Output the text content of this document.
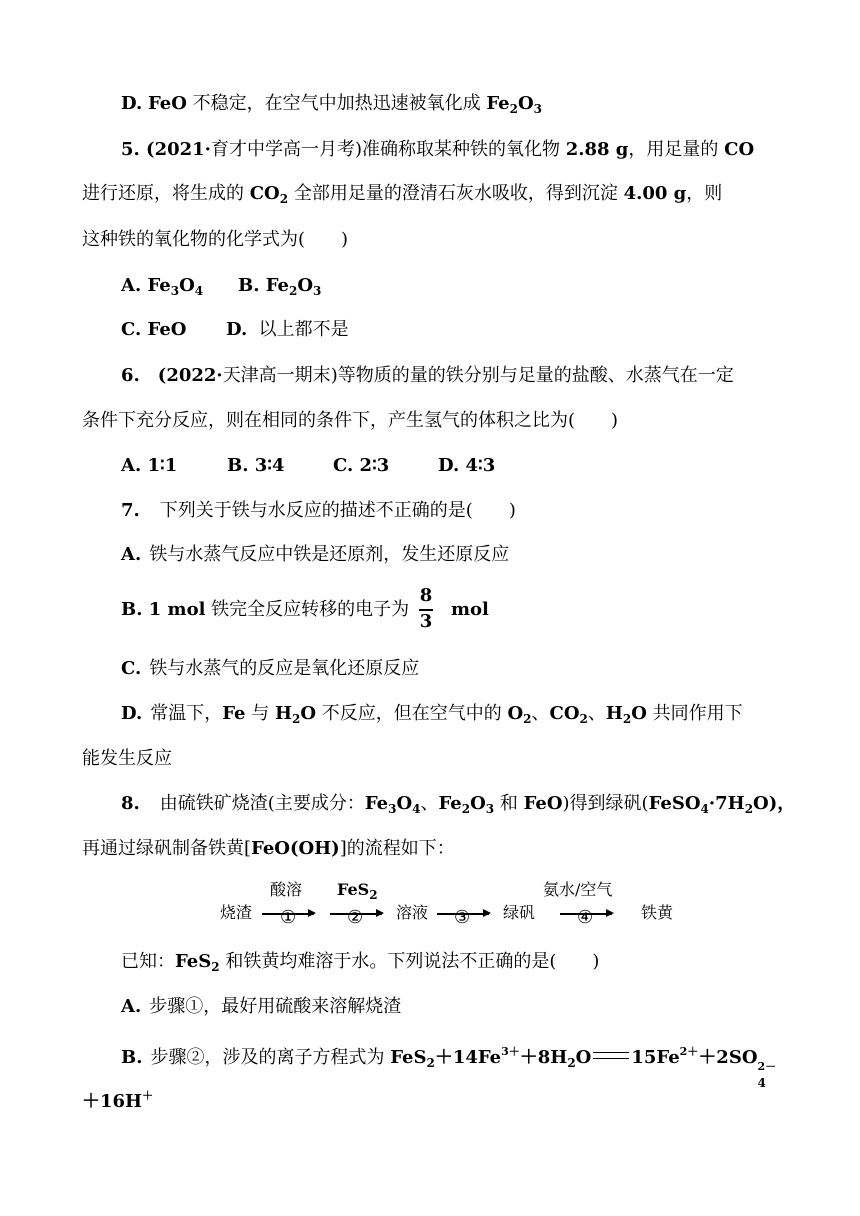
D. FeO 不稳定，在空气中加热迅速被氧化成 $Fe_2O_3$
5. (2021·育才中学高一月考)准确称取某种铁的氧化物 2.88 g，用足量的 CO
进行还原，将生成的 $CO_2$ 全部用足量的澄清石灰水吸收，得到沉淀 4.00 g，则
这种铁的氧化物的化学式为(　　)
A. $Fe_3O_4$ B. $Fe_2O_3$
C. FeO D.  以上都不是
6. (2022·天津高一期末)等物质的量的铁分别与足量的盐酸、水蒸气在一定
条件下充分反应，则在相同的条件下，产生氢气的体积之比为(　　)
A. 1∶1	B. 3∶4	C. 2∶3	D. 4∶3
7. 下列关于铁与水反应的描述不正确的是(　　)
A. 铁与水蒸气反应中铁是还原剂，发生还原反应
B. 1 mol 铁完全反应转移的电子为
8
3
mol
C. 铁与水蒸气的反应是氧化还原反应
D. 常温下，Fe 与 $H_2O$ 不反应，但在空气中的 $O_2$、$CO_2$、$H_2O$ 共同作用下
能发生反应
8. 由硫铁矿烧渣(主要成分：$Fe_3O_4$、$Fe_2O_3$ 和 FeO)得到绿矾$(FeSO_4\cdot 7H_2O)$，
再通过绿矾制备铁黄[FeO(OH)]的流程如下：
烧渣
酸溶
①
FeS$_2$
② 溶液 ③ 绿矾
氨水/空气
④	铁黄
已知：FeS$_2$ 和铁黄均难溶于水。下列说法不正确的是(　　)
A. 步骤①，最好用硫酸来溶解烧渣
B. 步骤②，涉及的离子方程式为 $FeS_2+14Fe^{3+}+8H_2O$ $15Fe^{2+}+2SO$ 2－
4
＋16H＋
